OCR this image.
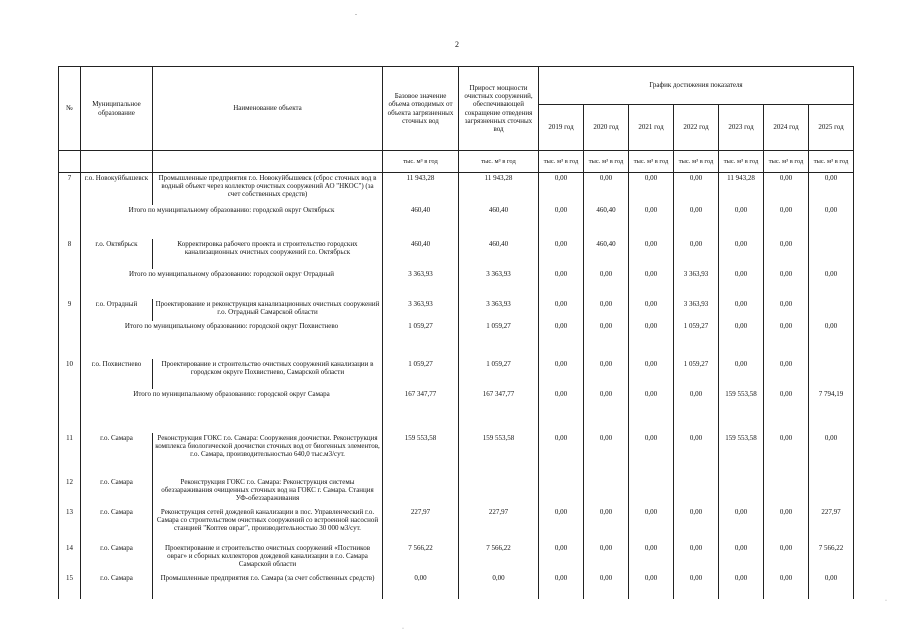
2
№	Муниципальное образование	Наименование объекта	Базовое значение объема отводимых от объекта загрязненных сточных вод	Прирост мощности очистных сооружений, обеспечивающей сокращение отведения загрязненных сточных вод	График достижения показателя						
					2019 год	2020 год	2021 год	2022 год	2023 год	2024 год	2025 год
			тыс. м³ в год	тыс. м³ в год	тыс. м³ в год	тыс. м³ в год	тыс. м³ в год	тыс. м³ в год	тыс. м³ в год	тыс. м³ в год	тыс. м³ в год
7	г.о. Новокуйбышевск	Промышленные предприятия г.о. Новокуйбышевск (сброс сточных вод в водный объект через коллектор очистных сооружений АО "НКОС") (за счет собственных средств)	11 943,28	11 943,28	0,00	0,00	0,00	0,00	11 943,28	0,00	0,00
	Итого по муниципальному образованию: городской округ Октябрьск		460,40	460,40	0,00	460,40	0,00	0,00	0,00	0,00	0,00
8	г.о. Октябрьск	Корректировка рабочего проекта и строительство городских канализационных очистных сооружений г.о. Октябрьск	460,40	460,40	0,00	460,40	0,00	0,00	0,00	0,00	
	Итого по муниципальному образованию: городской округ Отрадный		3 363,93	3 363,93	0,00	0,00	0,00	3 363,93	0,00	0,00	0,00
9	г.о. Отрадный	Проектирование и реконструкция канализационных очистных сооружений г.о. Отрадный Самарской области	3 363,93	3 363,93	0,00	0,00	0,00	3 363,93	0,00	0,00	
	Итого по муниципальному образованию: городской округ Похвистнево		1 059,27	1 059,27	0,00	0,00	0,00	1 059,27	0,00	0,00	0,00
10	г.о. Похвистнево	Проектирование и строительство очистных сооружений канализации в городском округе Похвистнево, Самарской области	1 059,27	1 059,27	0,00	0,00	0,00	1 059,27	0,00	0,00	
	Итого по муниципальному образованию: городской округ Самара		167 347,77	167 347,77	0,00	0,00	0,00	0,00	159 553,58	0,00	7 794,19
11	г.о. Самара	Реконструкция ГОКС г.о. Самара: Сооружения доочистки. Реконструкция комплекса биологической доочистки сточных вод от биогенных элементов, г.о. Самара, производительностью 640,0 тыс.м3/сут.	159 553,58	159 553,58	0,00	0,00	0,00	0,00	159 553,58	0,00	0,00
12	г.о. Самара	Реконструкция ГОКС г.о. Самара: Реконструкция системы обеззараживания очищенных сточных вод на ГОКС г. Самара. Станция УФ-обеззараживания									
13	г.о. Самара	Реконструкция сетей дождевой канализации в пос. Управленческий г.о. Самара со строительством очистных сооружений со встроенной насосной станцией "Коптев овраг", производительностью 30 000 м3/сут.	227,97	227,97	0,00	0,00	0,00	0,00	0,00	0,00	227,97
14	г.о. Самара	Проектирование и строительство очистных сооружений «Постников овраг» и сборных коллекторов дождевой канализации в г.о. Самара Самарской области	7 566,22	7 566,22	0,00	0,00	0,00	0,00	0,00	0,00	7 566,22
15	г.о. Самара	Промышленные предприятия г.о. Самара (за счет собственных средств)	0,00	0,00	0,00	0,00	0,00	0,00	0,00	0,00	0,00
ˉ
·
·
